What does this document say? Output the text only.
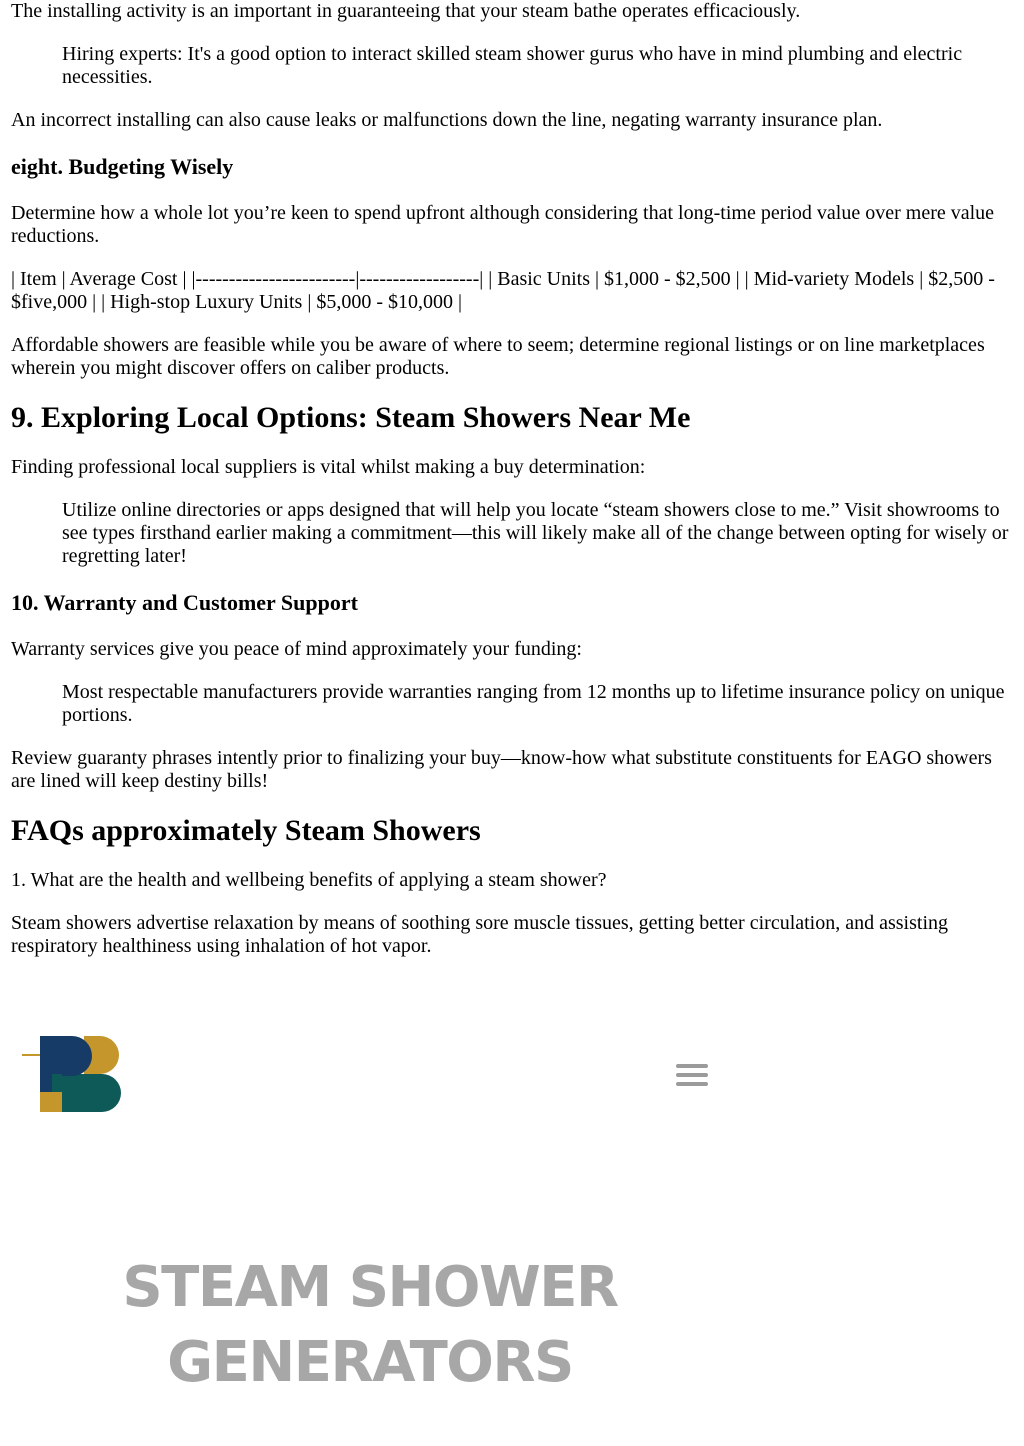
The installing activity is an important in guaranteeing that your steam bathe operates efficaciously.

Hiring experts: It's a good option to interact skilled steam shower gurus who have in mind plumbing and electric necessities.

An incorrect installing can also cause leaks or malfunctions down the line, negating warranty insurance plan.

eight. Budgeting Wisely

Determine how a whole lot you’re keen to spend upfront although considering that long-time period value over mere value reductions.

| Item | Average Cost | |------------------------|------------------| | Basic Units | $1,000 - $2,500 | | Mid-variety Models | $2,500 - $five,000 | | High-stop Luxury Units | $5,000 - $10,000 |

Affordable showers are feasible while you be aware of where to seem; determine regional listings or on line marketplaces wherein you might discover offers on caliber products.

9. Exploring Local Options: Steam Showers Near Me

Finding professional local suppliers is vital whilst making a buy determination:

Utilize online directories or apps designed that will help you locate “steam showers close to me.” Visit showrooms to see types firsthand earlier making a commitment—this will likely make all of the change between opting for wisely or regretting later!

10. Warranty and Customer Support

Warranty services give you peace of mind approximately your funding:

Most respectable manufacturers provide warranties ranging from 12 months up to lifetime insurance policy on unique portions.

Review guaranty phrases intently prior to finalizing your buy—know-how what substitute constituents for EAGO showers are lined will keep destiny bills!

FAQs approximately Steam Showers

1. What are the health and wellbeing benefits of applying a steam shower?

Steam showers advertise relaxation by means of soothing sore muscle tissues, getting better circulation, and assisting respiratory healthiness using inhalation of hot vapor.

STEAM SHOWER
GENERATORS
